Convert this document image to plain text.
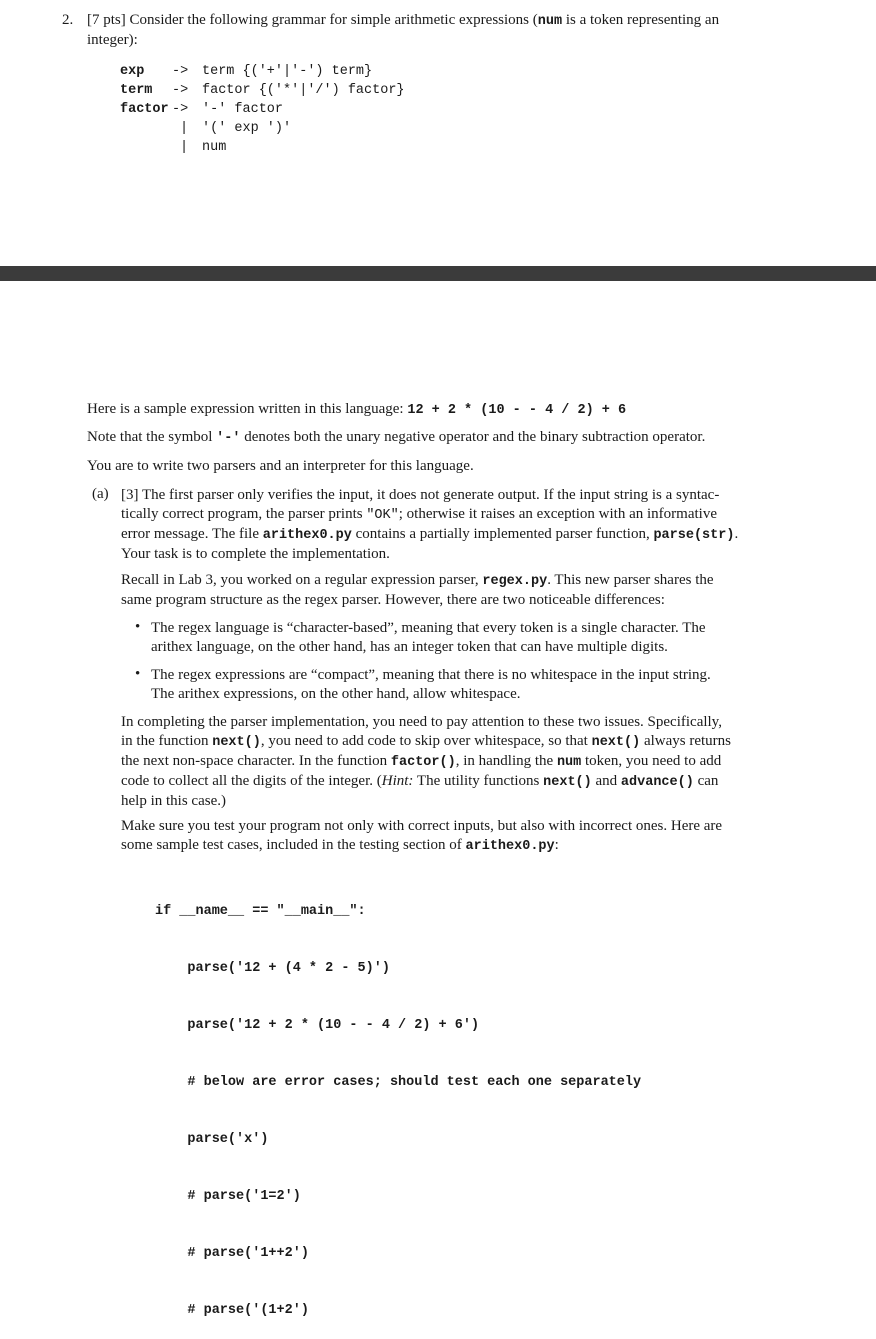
2. [7 pts] Consider the following grammar for simple arithmetic expressions (num is a token representing an
integer):
exp -> term {('+'|'-') term}
term -> factor {('*'|'/') factor}
factor -> '-' factor
| '(' exp ')'
| num
Here is a sample expression written in this language: 12 + 2 * (10 - - 4 / 2) + 6
Note that the symbol '-' denotes both the unary negative operator and the binary subtraction operator.
You are to write two parsers and an interpreter for this language.
(a) [3] The first parser only verifies the input, it does not generate output. If the input string is a syntac-
tically correct program, the parser prints "OK"; otherwise it raises an exception with an informative
error message. The file arithex0.py contains a partially implemented parser function, parse(str).
Your task is to complete the implementation.
Recall in Lab 3, you worked on a regular expression parser, regex.py. This new parser shares the
same program structure as the regex parser. However, there are two noticeable differences:
• The regex language is “character-based”, meaning that every token is a single character. The
arithex language, on the other hand, has an integer token that can have multiple digits.
• The regex expressions are “compact”, meaning that there is no whitespace in the input string.
The arithex expressions, on the other hand, allow whitespace.
In completing the parser implementation, you need to pay attention to these two issues. Specifically,
in the function next(), you need to add code to skip over whitespace, so that next() always returns
the next non-space character. In the function factor(), in handling the num token, you need to add
code to collect all the digits of the integer. (Hint: The utility functions next() and advance() can
help in this case.)
Make sure you test your program not only with correct inputs, but also with incorrect ones. Here are
some sample test cases, included in the testing section of arithex0.py:

if __name__ == "__main__":

parse('12 + (4 * 2 - 5)')

parse('12 + 2 * (10 - - 4 / 2) + 6')

# below are error cases; should test each one separately

parse('x')

# parse('1=2')

# parse('1++2')

# parse('(1+2')
